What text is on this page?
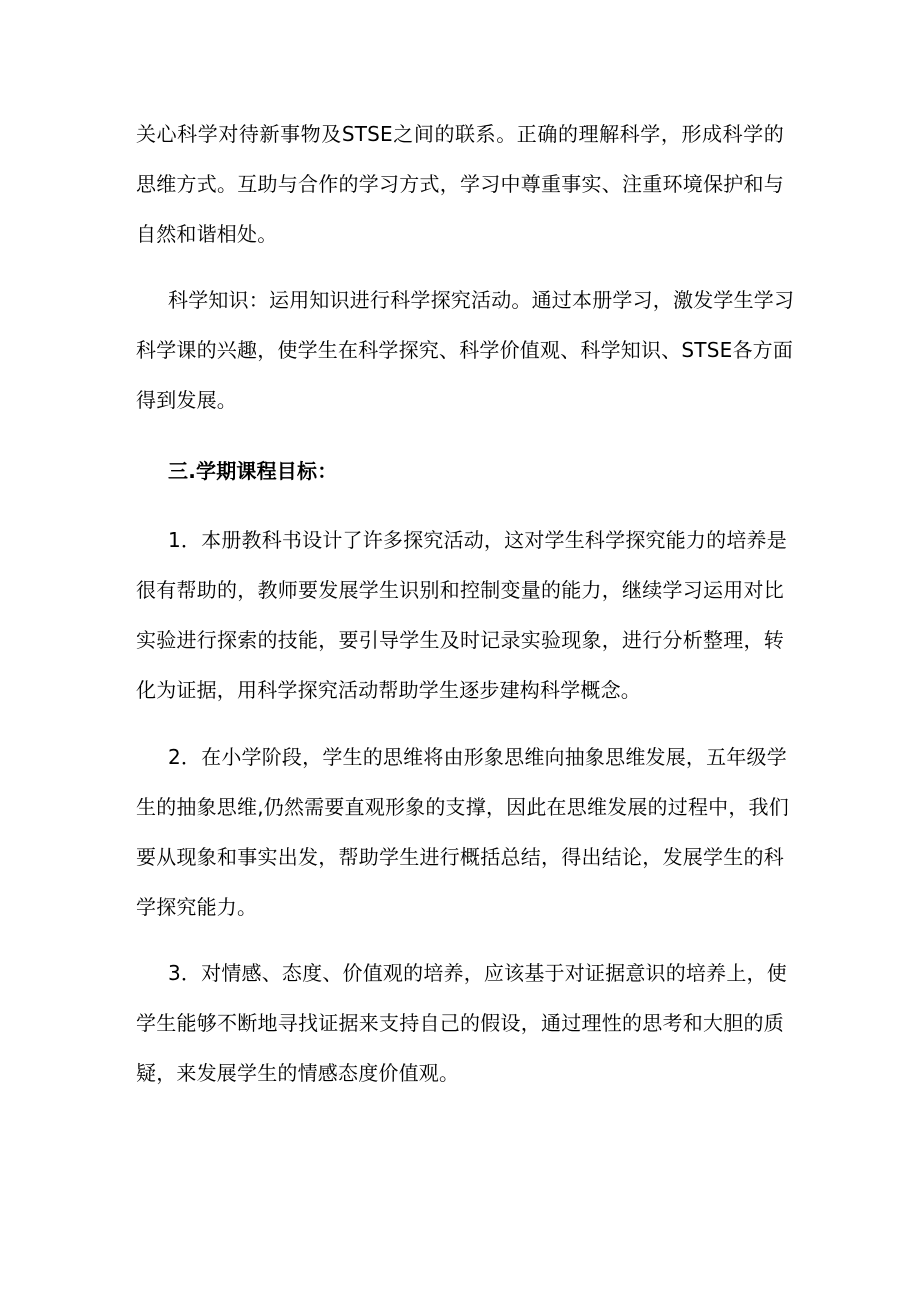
关心科学对待新事物及STSE之间的联系。正确的理解科学，形成科学的
思维方式。互助与合作的学习方式，学习中尊重事实、注重环境保护和与
自然和谐相处。
科学知识：运用知识进行科学探究活动。通过本册学习，激发学生学习
科学课的兴趣，使学生在科学探究、科学价值观、科学知识、STSE各方面
得到发展。
三.学期课程目标：
1．本册教科书设计了许多探究活动，这对学生科学探究能力的培养是
很有帮助的，教师要发展学生识别和控制变量的能力，继续学习运用对比
实验进行探索的技能，要引导学生及时记录实验现象，进行分析整理，转
化为证据，用科学探究活动帮助学生逐步建构科学概念。
2．在小学阶段，学生的思维将由形象思维向抽象思维发展，五年级学
生的抽象思维,仍然需要直观形象的支撑，因此在思维发展的过程中，我们
要从现象和事实出发，帮助学生进行概括总结，得出结论，发展学生的科
学探究能力。
3．对情感、态度、价值观的培养，应该基于对证据意识的培养上，使
学生能够不断地寻找证据来支持自己的假设，通过理性的思考和大胆的质
疑，来发展学生的情感态度价值观。
